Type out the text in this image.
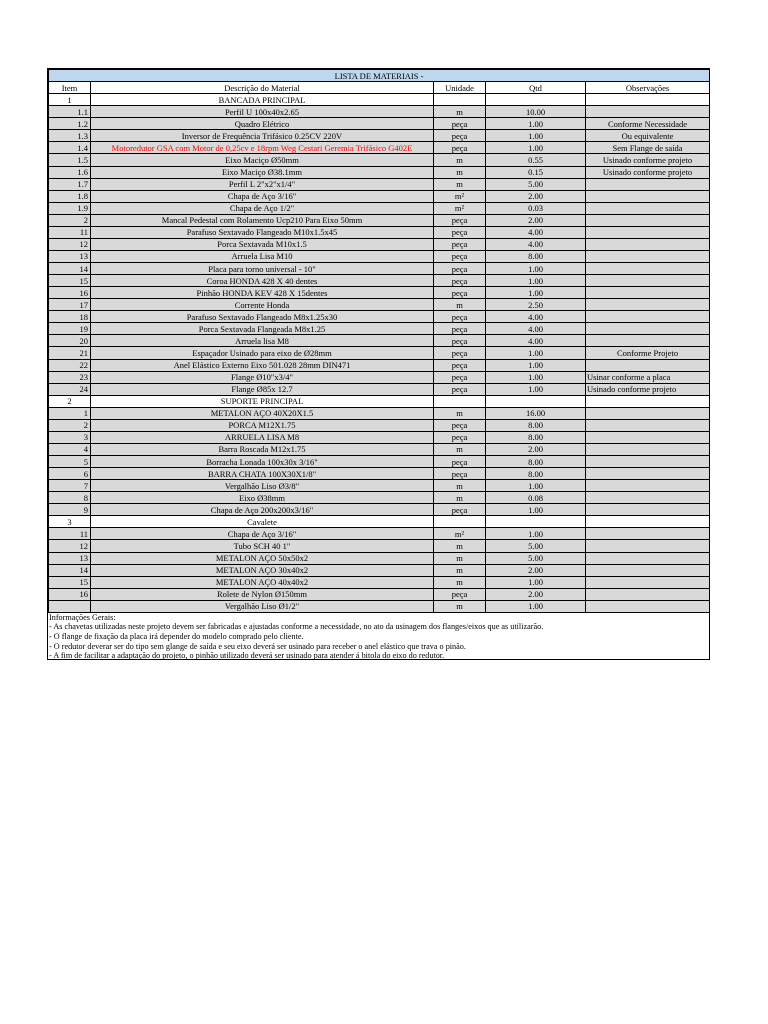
LISTA DE MATERIAIS -				
Item	Descrição do Material	Unidade	Qtd	Observações
1	BANCADA PRINCIPAL			
1.1	Perfil U 100x40x2.65	m	10.00	
1.2	Quadro Elétrico	peça	1.00	Conforme Necessidade
1.3	Inversor de Frequência Trifásico 0.25CV 220V	peça	1.00	Ou equivalente
1.4	Motoredutor GSA com Motor de 0,25cv e 18rpm Weg Cestari Geremia Trifásico G402E	peça	1.00	Sem Flange de saída
1.5	Eixo Maciço Ø50mm	m	0.55	Usinado conforme projeto
1.6	Eixo Maciço Ø38.1mm	m	0.15	Usinado conforme projeto
1.7	Perfil L 2"x2"x1/4"	m	5.00	
1.8	Chapa de Aço 3/16"	m²	2.00	
1.9	Chapa de Aço 1/2"	m²	0.03	
2	Mancal Pedestal com Rolamento Ucp210 Para Eixo 50mm	peça	2.00	
11	Parafuso Sextavado Flangeado M10x1.5x45	peça	4.00	
12	Porca Sextavada M10x1.5	peça	4.00	
13	Arruela Lisa M10	peça	8.00	
14	Placa para torno universal - 10"	peça	1.00	
15	Coroa HONDA 428 X 40 dentes	peça	1.00	
16	Pinhão HONDA KEV 428 X 15dentes	peça	1.00	
17	Corrente Honda	m	2.50	
18	Parafuso Sextavado Flangeado M8x1.25x30	peça	4.00	
19	Porca Sextavada Flangeada M8x1.25	peça	4.00	
20	Arruela lisa M8	peça	4.00	
21	Espaçador Usinado para eixo de Ø28mm	peça	1.00	Conforme Projeto
22	Anel Elástico Externo Eixo 501.028 28mm DIN471	peça	1.00	
23	Flange Ø10"x3/4"	peça	1.00	Usinar conforme a placa
24	Flange Ø85x 12.7	peça	1.00	Usinado conforme projeto
2	SUPORTE PRINCIPAL			
1	METALON AÇO 40X20X1.5	m	16.00	
2	PORCA M12X1.75	peça	8.00	
3	ARRUELA LISA M8	peça	8.00	
4	Barra Roscada M12x1.75	m	2.00	
5	Borracha Lonada 100x30x 3/16"	peça	8.00	
6	BARRA CHATA 100X30X1/8"	peça	8.00	
7	Vergalhão Liso Ø3/8"	m	1.00	
8	Eixo Ø38mm	m	0.08	
9	Chapa de Aço 200x200x3/16"	peça	1.00	
3	Cavalete			
11	Chapa de Aço 3/16"	m²	1.00	
12	Tubo SCH 40 1"	m	5.00	
13	METALON AÇO 50x50x2	m	5.00	
14	METALON AÇO 30x40x2	m	2.00	
15	METALON AÇO 40x40x2	m	1.00	
16	Rolete de Nylon Ø150mm	peça	2.00	
	Vergalhão Liso Ø1/2"	m	1.00	
Informações Gerais:
- As chavetas utilizadas neste projeto devem ser fabricadas e ajustadas conforme a necessidade, no ato da usinagem dos flanges/eixos que as utilizarão.
- O flange de fixação da placa irá depender do modelo comprado pelo cliente.
- O redutor deverar ser do tipo sem glange de saída e seu eixo deverá ser usinado para receber o anel elástico que trava o pinão.
- A fim de facilitar a adaptação do projeto, o pinhão utilizado deverá ser usinado para atender á bitola do eixo do redutor.
